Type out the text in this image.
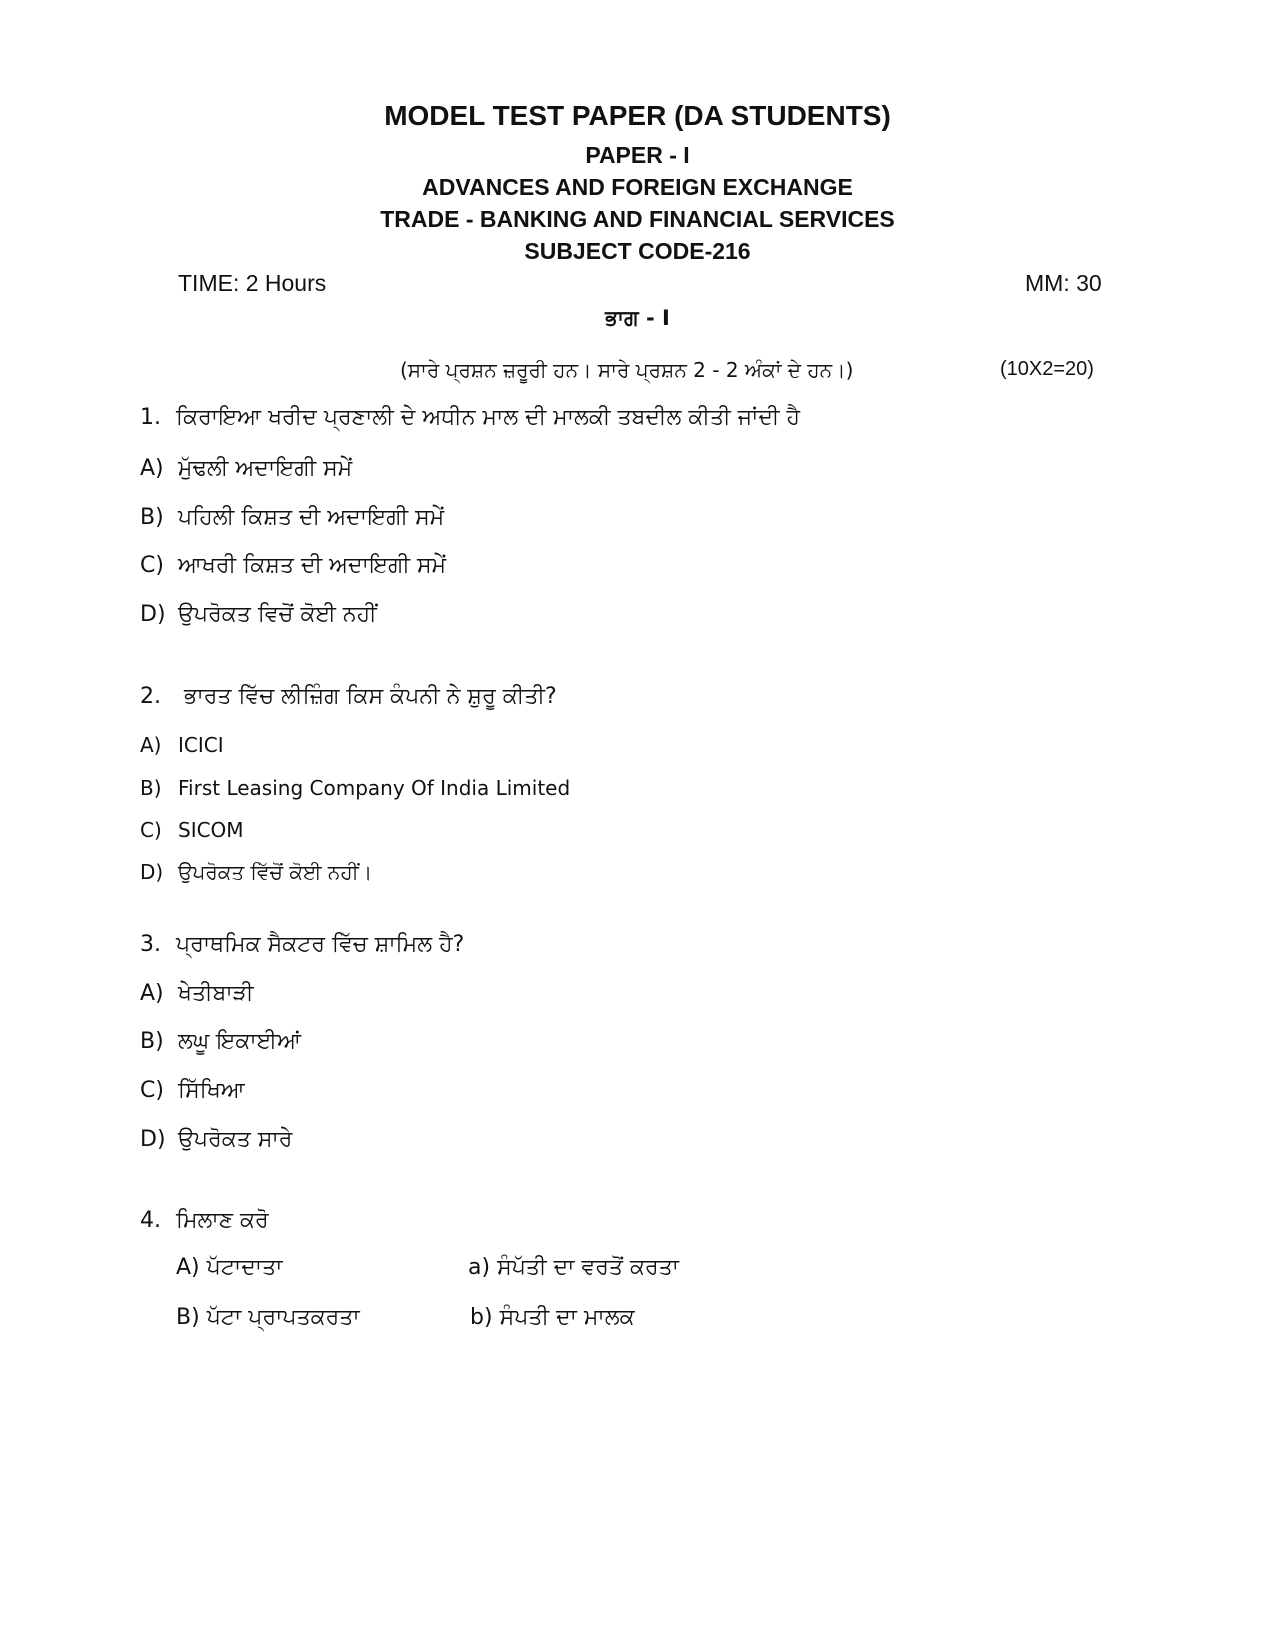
MODEL TEST PAPER (DA STUDENTS)
PAPER - I
ADVANCES AND FOREIGN EXCHANGE
TRADE - BANKING AND FINANCIAL SERVICES
SUBJECT CODE-216
TIME: 2 Hours	MM: 30
ਭਾਗ - I
(ਸਾਰੇ ਪ੍ਰਸ਼ਨ ਜ਼ਰੂਰੀ ਹਨ। ਸਾਰੇ ਪ੍ਰਸ਼ਨ 2 - 2 ਅੰਕਾਂ ਦੇ ਹਨ।)	(10X2=20)
1. ਕਿਰਾਇਆ ਖਰੀਦ ਪ੍ਰਣਾਲੀ ਦੇ ਅਧੀਨ ਮਾਲ ਦੀ ਮਾਲਕੀ ਤਬਦੀਲ ਕੀਤੀ ਜਾਂਦੀ ਹੈ
A) ਮੁੱਢਲੀ ਅਦਾਇਗੀ ਸਮੇਂ
B) ਪਹਿਲੀ ਕਿਸ਼ਤ ਦੀ ਅਦਾਇਗੀ ਸਮੇਂ
C) ਆਖਰੀ ਕਿਸ਼ਤ ਦੀ ਅਦਾਇਗੀ ਸਮੇਂ
D) ਉਪਰੋਕਤ ਵਿਚੋਂ ਕੋਈ ਨਹੀਂ
2. ਭਾਰਤ ਵਿੱਚ ਲੀਜ਼ਿੰਗ ਕਿਸ ਕੰਪਨੀ ਨੇ ਸ਼ੁਰੂ ਕੀਤੀ?
A) ICICI
B) First Leasing Company Of India Limited
C) SICOM
D) ਉਪਰੋਕਤ ਵਿੱਚੋਂ ਕੋਈ ਨਹੀਂ।
3. ਪ੍ਰਾਥਮਿਕ ਸੈਕਟਰ ਵਿੱਚ ਸ਼ਾਮਿਲ ਹੈ?
A) ਖੇਤੀਬਾੜੀ
B) ਲਘੂ ਇਕਾਈਆਂ
C) ਸਿੱਖਿਆ
D) ਉਪਰੋਕਤ ਸਾਰੇ
4. ਮਿਲਾਣ ਕਰੋ
A) ਪੱਟਾਦਾਤਾ	a) ਸੰਪੱਤੀ ਦਾ ਵਰਤੋਂ ਕਰਤਾ
B) ਪੱਟਾ ਪ੍ਰਾਪਤਕਰਤਾ	b) ਸੰਪਤੀ ਦਾ ਮਾਲਕ
